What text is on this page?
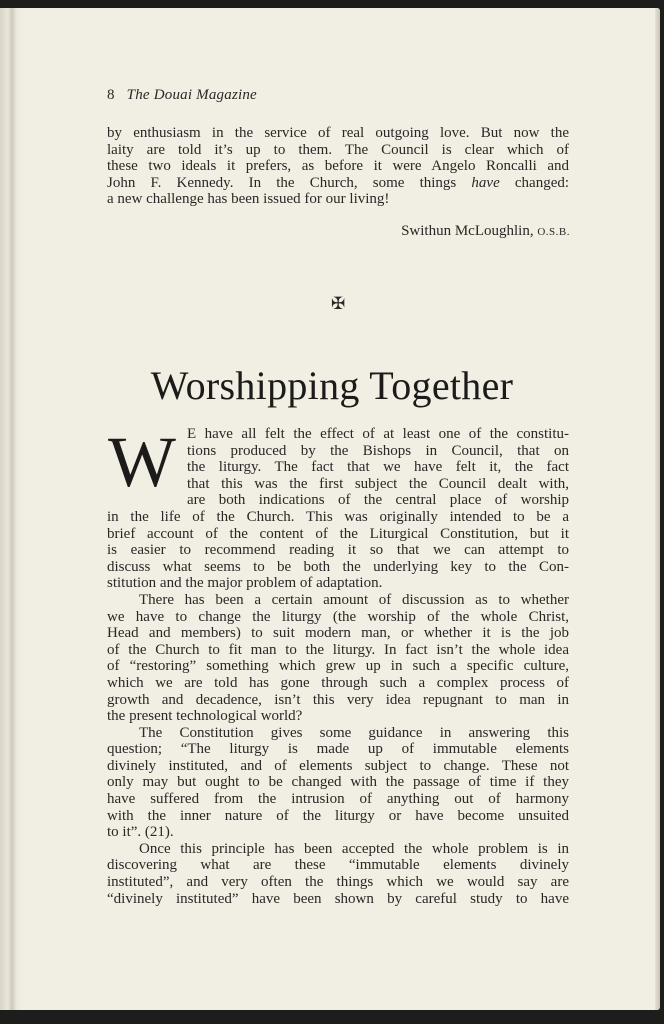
8 The Douai Magazine
by enthusiasm in the service of real outgoing love. But now the
laity are told it’s up to them. The Council is clear which of
these two ideals it prefers, as before it were Angelo Roncalli and
John F. Kennedy. In the Church, some things have changed:
a new challenge has been issued for our living!
Swithun McLoughlin, O.S.B.
✠
Worshipping Together
W E have all felt the effect of at least one of the constitu-
tions produced by the Bishops in Council, that on
the liturgy. The fact that we have felt it, the fact
that this was the first subject the Council dealt with,
are both indications of the central place of worship
in the life of the Church. This was originally intended to be a
brief account of the content of the Liturgical Constitution, but it
is easier to recommend reading it so that we can attempt to
discuss what seems to be both the underlying key to the Con-
stitution and the major problem of adaptation.
There has been a certain amount of discussion as to whether
we have to change the liturgy (the worship of the whole Christ,
Head and members) to suit modern man, or whether it is the job
of the Church to fit man to the liturgy. In fact isn’t the whole idea
of “restoring” something which grew up in such a specific culture,
which we are told has gone through such a complex process of
growth and decadence, isn’t this very idea repugnant to man in
the present technological world?
The Constitution gives some guidance in answering this
question; “The liturgy is made up of immutable elements
divinely instituted, and of elements subject to change. These not
only may but ought to be changed with the passage of time if they
have suffered from the intrusion of anything out of harmony
with the inner nature of the liturgy or have become unsuited
to it”. (21).
Once this principle has been accepted the whole problem is in
discovering what are these “immutable elements divinely
instituted”, and very often the things which we would say are
“divinely instituted” have been shown by careful study to have
